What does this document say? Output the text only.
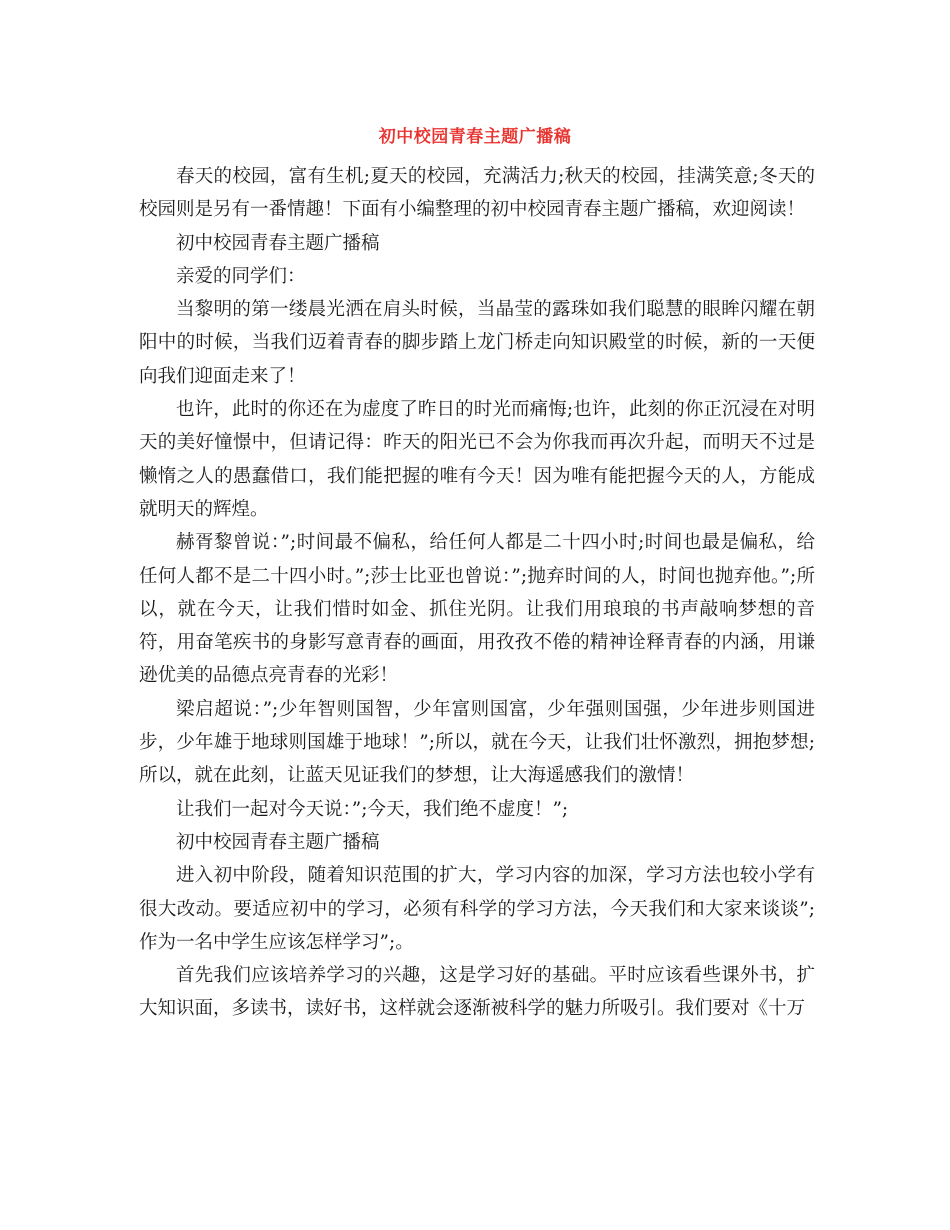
初中校园青春主题广播稿

春天的校园，富有生机;夏天的校园，充满活力;秋天的校园，挂满笑意;冬天的校园则是另有一番情趣！下面有小编整理的初中校园青春主题广播稿，欢迎阅读！

初中校园青春主题广播稿

亲爱的同学们：

当黎明的第一缕晨光洒在肩头时候，当晶莹的露珠如我们聪慧的眼眸闪耀在朝阳中的时候，当我们迈着青春的脚步踏上龙门桥走向知识殿堂的时候，新的一天便向我们迎面走来了！

也许，此时的你还在为虚度了昨日的时光而痛悔;也许，此刻的你正沉浸在对明天的美好憧憬中，但请记得：昨天的阳光已不会为你我而再次升起，而明天不过是懒惰之人的愚蠢借口，我们能把握的唯有今天！因为唯有能把握今天的人，方能成就明天的辉煌。

赫胥黎曾说：”;时间最不偏私，给任何人都是二十四小时;时间也最是偏私，给任何人都不是二十四小时。”;莎士比亚也曾说：”;抛弃时间的人，时间也抛弃他。”;所以，就在今天，让我们惜时如金、抓住光阴。让我们用琅琅的书声敲响梦想的音符，用奋笔疾书的身影写意青春的画面，用孜孜不倦的精神诠释青春的内涵，用谦逊优美的品德点亮青春的光彩！

梁启超说：”;少年智则国智，少年富则国富，少年强则国强，少年进步则国进步，少年雄于地球则国雄于地球！”;所以，就在今天，让我们壮怀激烈，拥抱梦想;所以，就在此刻，让蓝天见证我们的梦想，让大海遥感我们的激情！

让我们一起对今天说：”;今天，我们绝不虚度！”;

初中校园青春主题广播稿

进入初中阶段，随着知识范围的扩大，学习内容的加深，学习方法也较小学有很大改动。要适应初中的学习，必须有科学的学习方法，今天我们和大家来谈谈”;作为一名中学生应该怎样学习”;。

首先我们应该培养学习的兴趣，这是学习好的基础。平时应该看些课外书，扩大知识面，多读书，读好书，这样就会逐渐被科学的魅力所吸引。我们要对《十万
